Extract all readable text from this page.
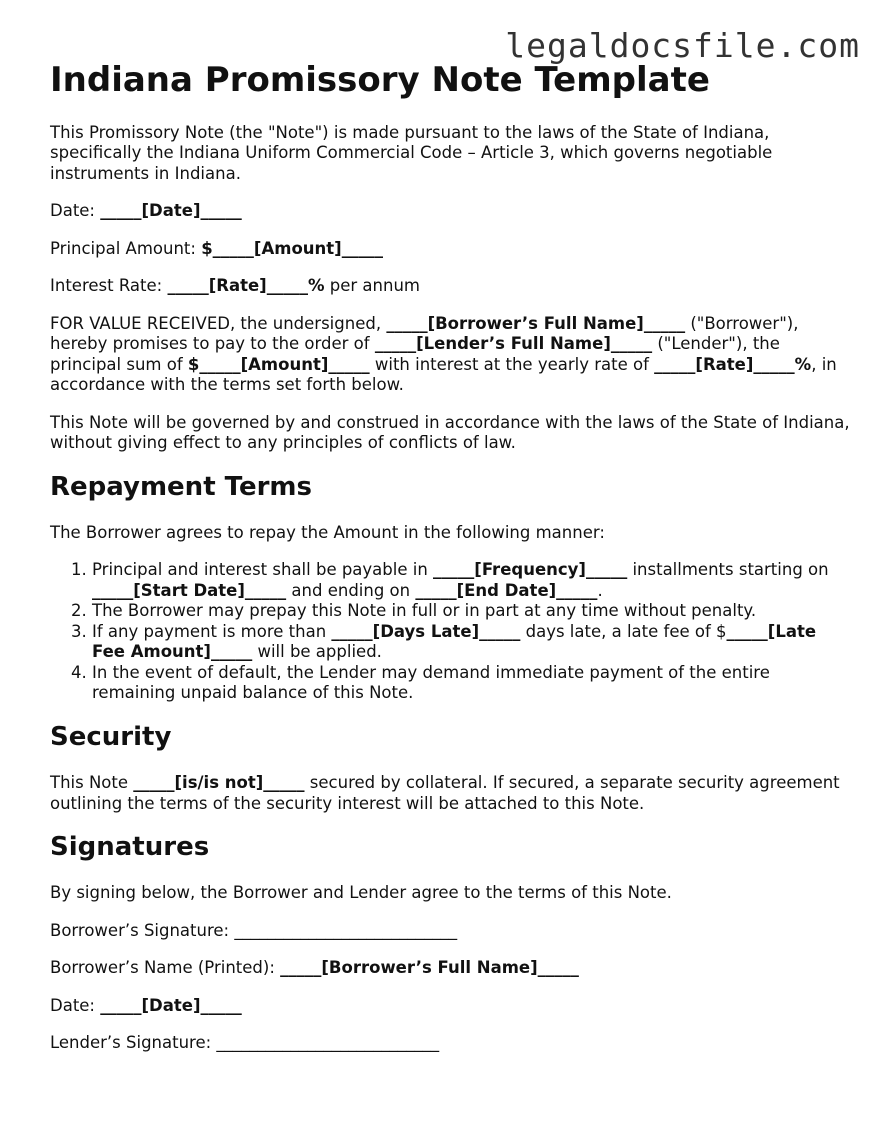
legaldocsfile.com
Indiana Promissory Note Template

This Promissory Note (the "Note") is made pursuant to the laws of the State of Indiana, specifically the Indiana Uniform Commercial Code – Article 3, which governs negotiable instruments in Indiana.

Date: _____[Date]_____

Principal Amount: $_____[Amount]_____

Interest Rate: _____[Rate]_____% per annum

FOR VALUE RECEIVED, the undersigned, _____[Borrower’s Full Name]_____ ("Borrower"), hereby promises to pay to the order of _____[Lender’s Full Name]_____ ("Lender"), the principal sum of $_____[Amount]_____ with interest at the yearly rate of _____[Rate]_____%, in accordance with the terms set forth below.

This Note will be governed by and construed in accordance with the laws of the State of Indiana, without giving effect to any principles of conflicts of law.

Repayment Terms

The Borrower agrees to repay the Amount in the following manner:

1. Principal and interest shall be payable in _____[Frequency]_____ installments starting on _____[Start Date]_____ and ending on _____[End Date]_____.
2. The Borrower may prepay this Note in full or in part at any time without penalty.
3. If any payment is more than _____[Days Late]_____ days late, a late fee of $_____[Late Fee Amount]_____ will be applied.
4. In the event of default, the Lender may demand immediate payment of the entire remaining unpaid balance of this Note.
Security

This Note _____[is/is not]_____ secured by collateral. If secured, a separate security agreement outlining the terms of the security interest will be attached to this Note.

Signatures

By signing below, the Borrower and Lender agree to the terms of this Note.

Borrower’s Signature: ___________________________

Borrower’s Name (Printed): _____[Borrower’s Full Name]_____

Date: _____[Date]_____

Lender’s Signature: ___________________________
